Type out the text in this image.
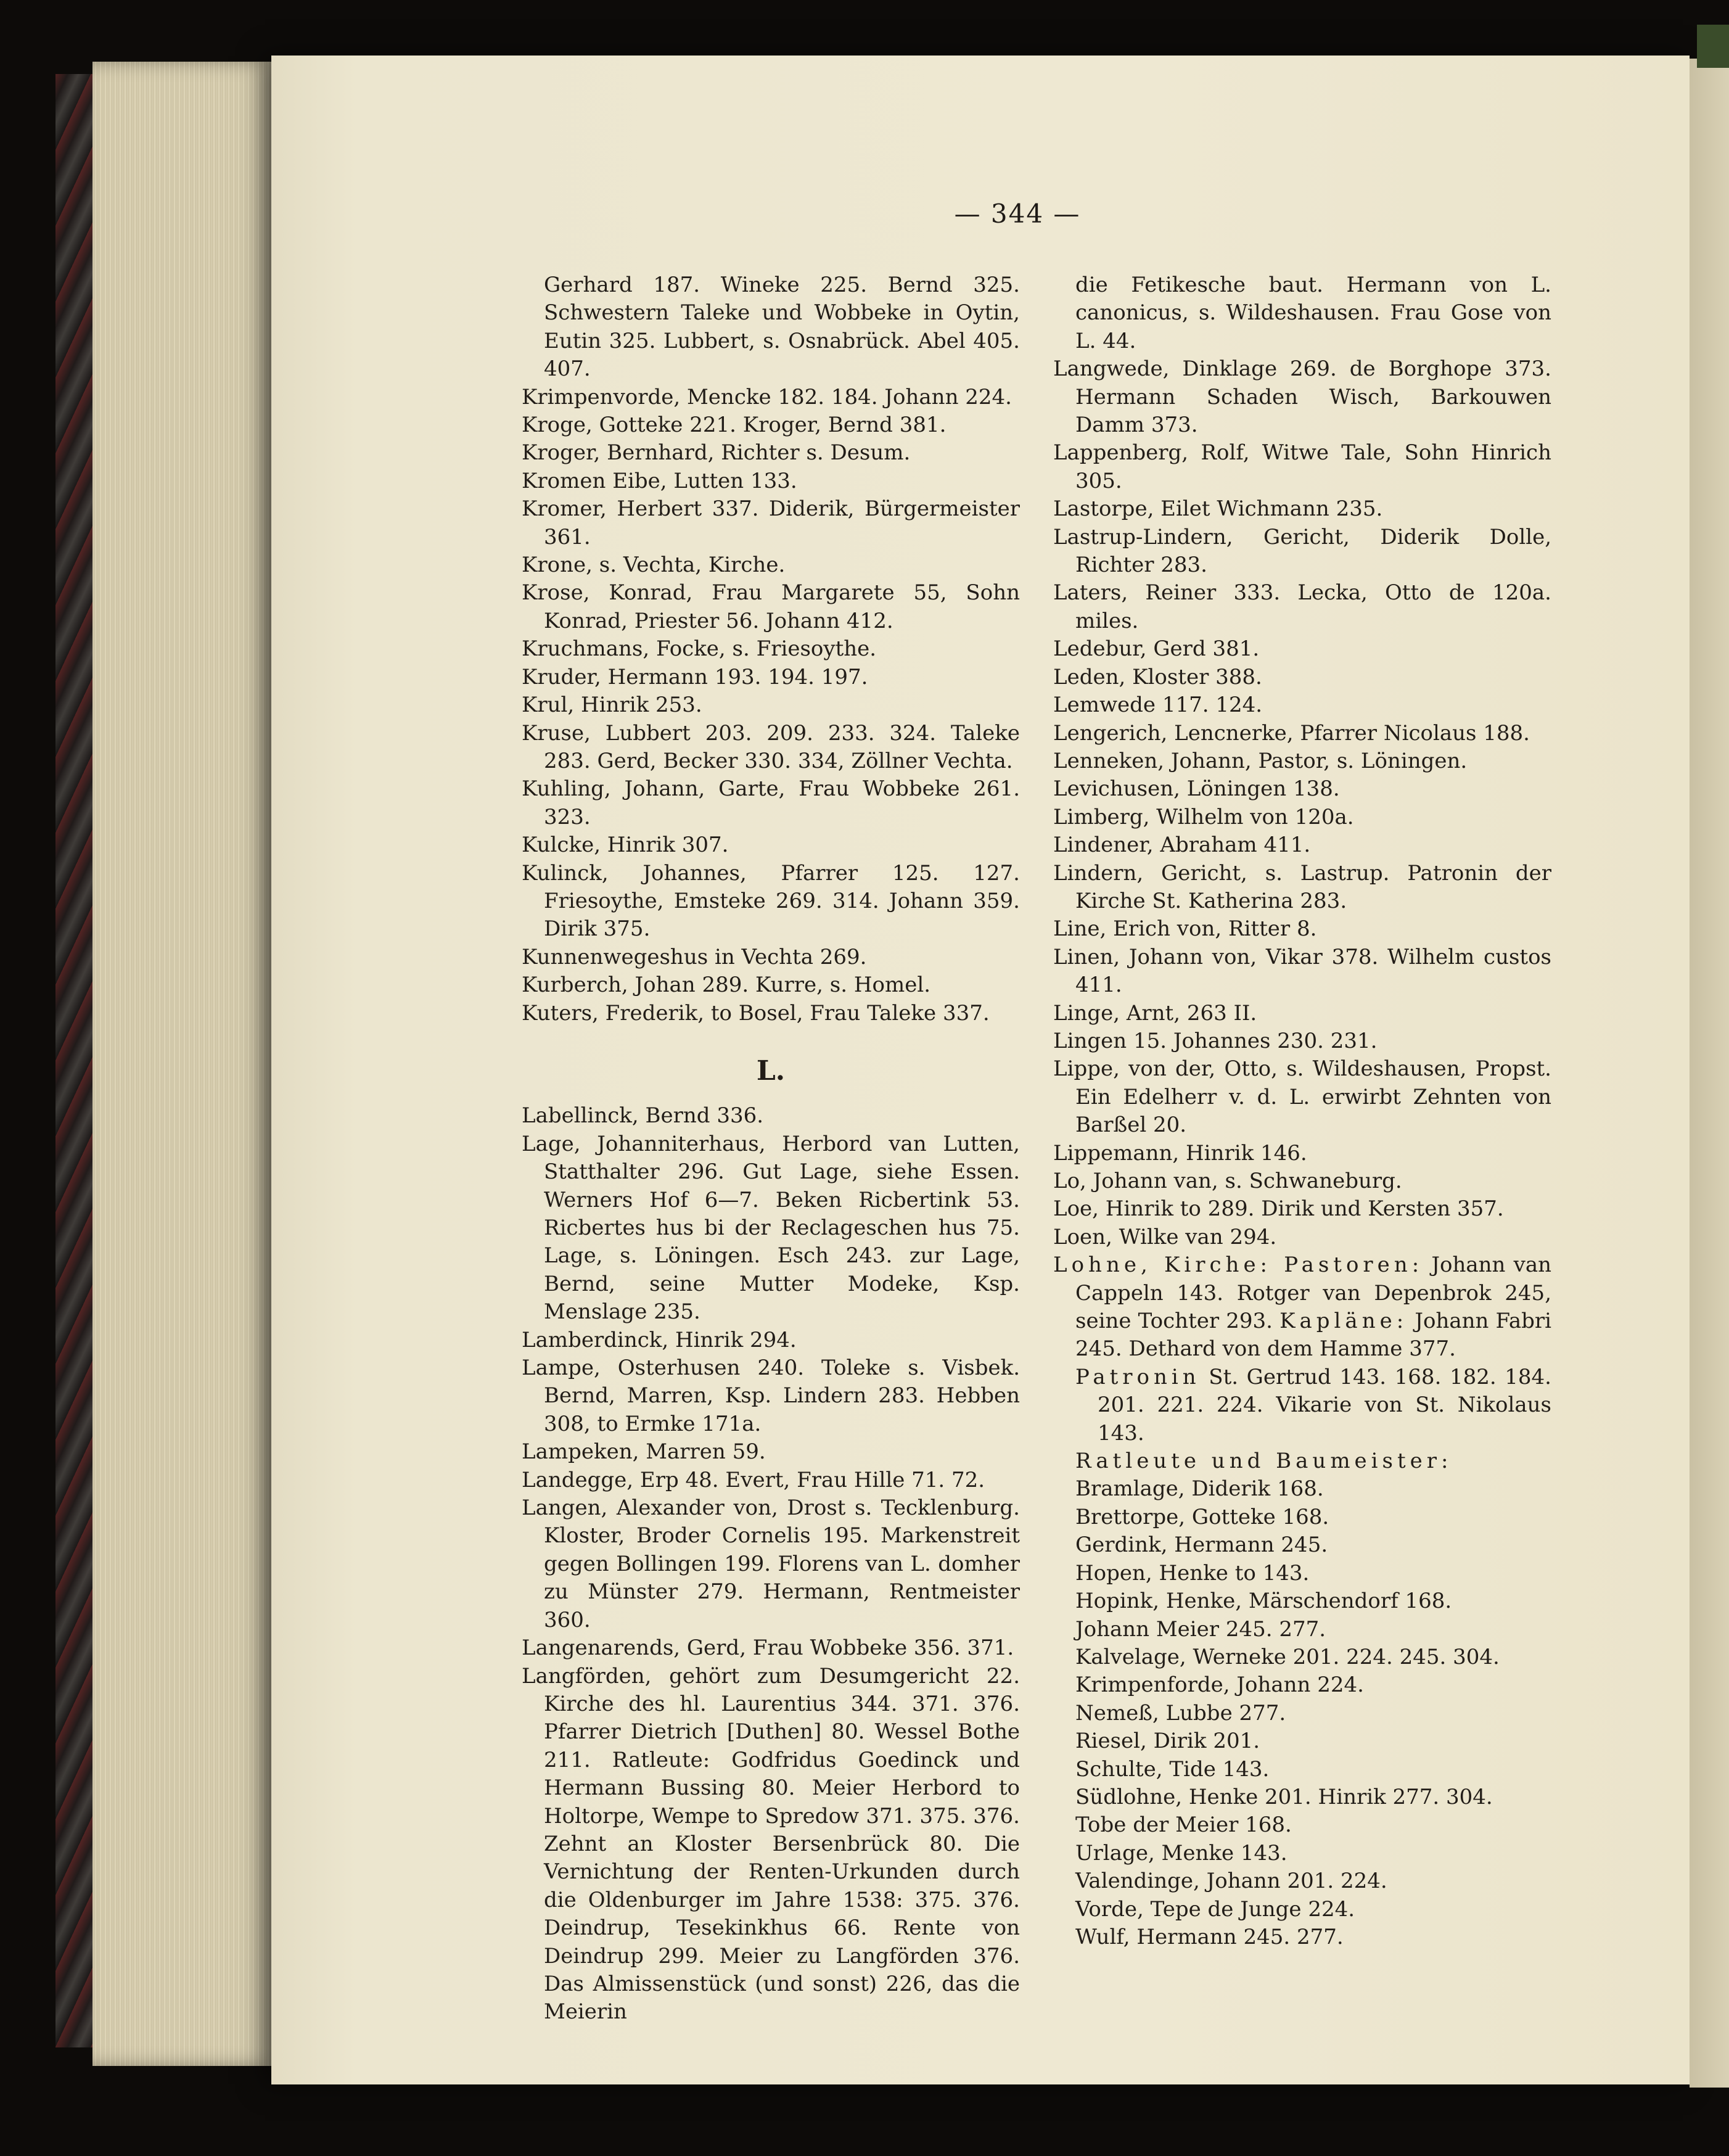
— 344 —
Gerhard 187. Wineke 225. Bernd 325. Schwestern Taleke und Wobbeke in Oytin, Eutin 325. Lubbert, s. Osnabrück. Abel 405. 407.
Krimpenvorde, Mencke 182. 184. Johann 224.
Kroge, Gotteke 221. Kroger, Bernd 381.
Kroger, Bernhard, Richter s. Desum.
Kromen Eibe, Lutten 133.
Kromer, Herbert 337. Diderik, Bürgermeister 361.
Krone, s. Vechta, Kirche.
Krose, Konrad, Frau Margarete 55, Sohn Konrad, Priester 56. Johann 412.
Kruchmans, Focke, s. Friesoythe.
Kruder, Hermann 193. 194. 197.
Krul, Hinrik 253.
Kruse, Lubbert 203. 209. 233. 324. Taleke 283. Gerd, Becker 330. 334, Zöllner Vechta.
Kuhling, Johann, Garte, Frau Wobbeke 261. 323.
Kulcke, Hinrik 307.
Kulinck, Johannes, Pfarrer 125. 127. Friesoythe, Emsteke 269. 314. Johann 359. Dirik 375.
Kunnenwegeshus in Vechta 269.
Kurberch, Johan 289. Kurre, s. Homel.
Kuters, Frederik, to Bosel, Frau Taleke 337.
L.
Labellinck, Bernd 336.
Lage, Johanniterhaus, Herbord van Lutten, Statthalter 296. Gut Lage, siehe Essen. Werners Hof 6—7. Beken Ricbertink 53. Ricbertes hus bi der Reclageschen hus 75. Lage, s. Löningen. Esch 243. zur Lage, Bernd, seine Mutter Modeke, Ksp. Menslage 235.
Lamberdinck, Hinrik 294.
Lampe, Osterhusen 240. Toleke s. Visbek. Bernd, Marren, Ksp. Lindern 283. Hebben 308, to Ermke 171a.
Lampeken, Marren 59.
Landegge, Erp 48. Evert, Frau Hille 71. 72.
Langen, Alexander von, Drost s. Tecklenburg. Kloster, Broder Cornelis 195. Markenstreit gegen Bollingen 199. Florens van L. domher zu Münster 279. Hermann, Rentmeister 360.
Langenarends, Gerd, Frau Wobbeke 356. 371.
Langförden, gehört zum Desumgericht 22. Kirche des hl. Laurentius 344. 371. 376. Pfarrer Dietrich [Duthen] 80. Wessel Bothe 211. Ratleute: Godfridus Goedinck und Hermann Bussing 80. Meier Herbord to Holtorpe, Wempe to Spredow 371. 375. 376. Zehnt an Kloster Bersenbrück 80. Die Vernichtung der Renten-Urkunden durch die Oldenburger im Jahre 1538: 375. 376. Deindrup, Tesekinkhus 66. Rente von Deindrup 299. Meier zu Langförden 376. Das Almissenstück (und sonst) 226, das die Meierin
die Fetikesche baut. Hermann von L. canonicus, s. Wildeshausen. Frau Gose von L. 44.
Langwede, Dinklage 269. de Borghope 373. Hermann Schaden Wisch, Barkouwen Damm 373.
Lappenberg, Rolf, Witwe Tale, Sohn Hinrich 305.
Lastorpe, Eilet Wichmann 235.
Lastrup-Lindern, Gericht, Diderik Dolle, Richter 283.
Laters, Reiner 333. Lecka, Otto de 120a. miles.
Ledebur, Gerd 381.
Leden, Kloster 388.
Lemwede 117. 124.
Lengerich, Lencnerke, Pfarrer Nicolaus 188.
Lenneken, Johann, Pastor, s. Löningen.
Levichusen, Löningen 138.
Limberg, Wilhelm von 120a.
Lindener, Abraham 411.
Lindern, Gericht, s. Lastrup. Patronin der Kirche St. Katherina 283.
Line, Erich von, Ritter 8.
Linen, Johann von, Vikar 378. Wilhelm custos 411.
Linge, Arnt, 263 II.
Lingen 15. Johannes 230. 231.
Lippe, von der, Otto, s. Wildeshausen, Propst. Ein Edelherr v. d. L. erwirbt Zehnten von Barßel 20.
Lippemann, Hinrik 146.
Lo, Johann van, s. Schwaneburg.
Loe, Hinrik to 289. Dirik und Kersten 357.
Loen, Wilke van 294.
Lohne, Kirche: Pastoren: Johann van Cappeln 143. Rotger van Depenbrok 245, seine Tochter 293. Kapläne: Johann Fabri 245. Dethard von dem Hamme 377.
Patronin St. Gertrud 143. 168. 182. 184. 201. 221. 224. Vikarie von St. Nikolaus 143.
Ratleute und Baumeister:
Bramlage, Diderik 168.
Brettorpe, Gotteke 168.
Gerdink, Hermann 245.
Hopen, Henke to 143.
Hopink, Henke, Märschendorf 168.
Johann Meier 245. 277.
Kalvelage, Werneke 201. 224. 245. 304.
Krimpenforde, Johann 224.
Nemeß, Lubbe 277.
Riesel, Dirik 201.
Schulte, Tide 143.
Südlohne, Henke 201. Hinrik 277. 304.
Tobe der Meier 168.
Urlage, Menke 143.
Valendinge, Johann 201. 224.
Vorde, Tepe de Junge 224.
Wulf, Hermann 245. 277.
